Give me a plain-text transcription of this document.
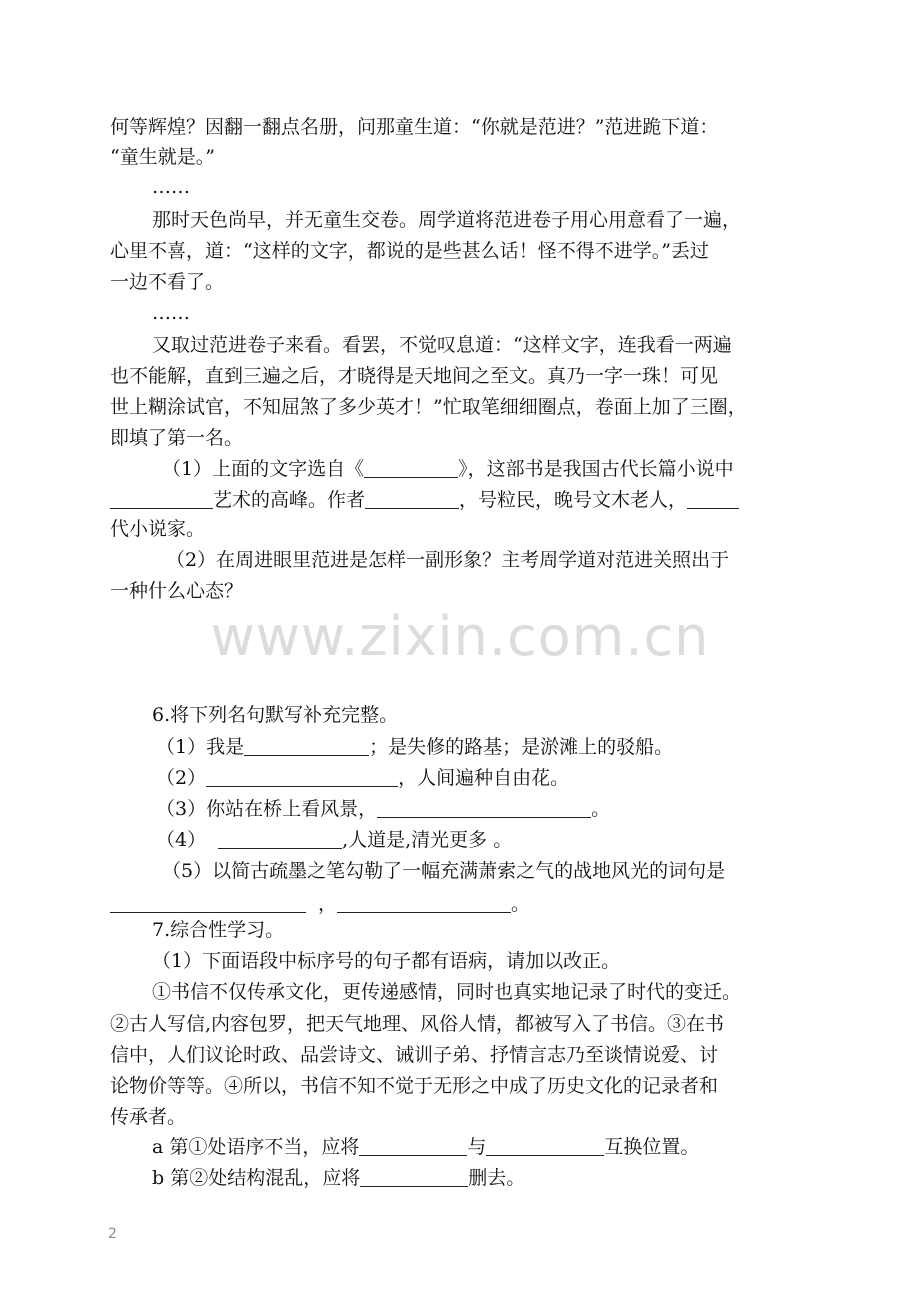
何等辉煌？因翻一翻点名册，问那童生道：“你就是范进？”范进跪下道：
“童生就是。”
……
那时天色尚早，并无童生交卷。周学道将范进卷子用心用意看了一遍，
心里不喜，道：“这样的文字，都说的是些甚么话！怪不得不进学。”丢过
一边不看了。
……
又取过范进卷子来看。看罢，不觉叹息道：“这样文字，连我看一两遍
也不能解，直到三遍之后，才晓得是天地间之至文。真乃一字一珠！可见
世上糊涂试官，不知屈煞了多少英才！”忙取笔细细圈点，卷面上加了三圈，
即填了第一名。
（1）上面的文字选自《	》，这部书是我国古代长篇小说中
艺术的高峰。作者	，号粒民，晚号文木老人，
代小说家。
（2）在周进眼里范进是怎样一副形象？主考周学道对范进关照出于
一种什么心态？
www.zixin.com.cn
6.将下列名句默写补充完整。
（1）我是	；是失修的路基；是淤滩上的驳船。
（2）	，人间遍种自由花。
（3）你站在桥上看风景，	。
（4）	,人道是,清光更多 。
（5）以简古疏墨之笔勾勒了一幅充满萧索之气的战地风光的词句是
，	。
7.综合性学习。
（1）下面语段中标序号的句子都有语病，请加以改正。
①书信不仅传承文化，更传递感情，同时也真实地记录了时代的变迁。
②古人写信,内容包罗，把天气地理、风俗人情，都被写入了书信。③在书
信中，人们议论时政、品尝诗文、诫训子弟、抒情言志乃至谈情说爱、讨
论物价等等。④所以，书信不知不觉于无形之中成了历史文化的记录者和
传承者。
a 第①处语序不当，应将	与	互换位置。
b 第②处结构混乱，应将	删去。
2
